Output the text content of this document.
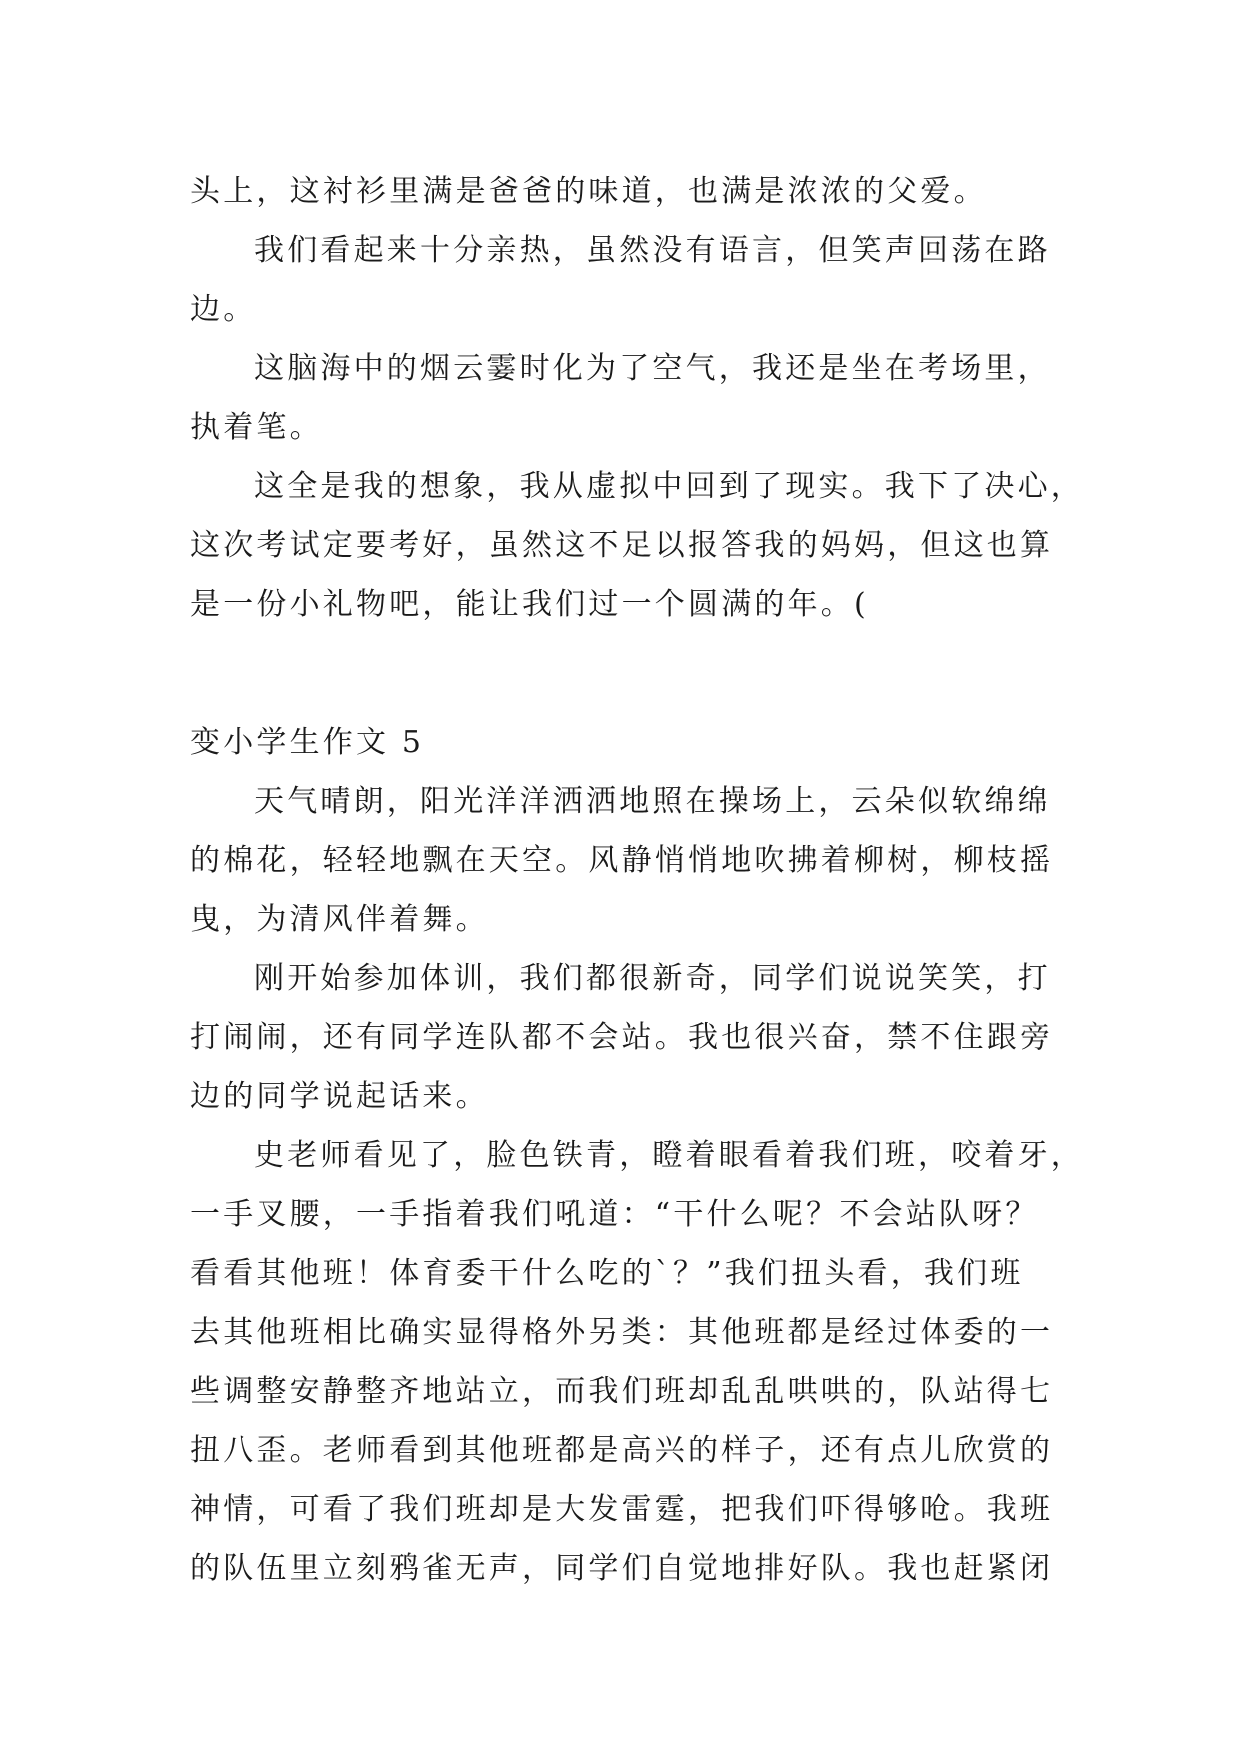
头上，这衬衫里满是爸爸的味道，也满是浓浓的父爱。
我们看起来十分亲热，虽然没有语言，但笑声回荡在路
边。
这脑海中的烟云霎时化为了空气，我还是坐在考场里，
执着笔。
这全是我的想象，我从虚拟中回到了现实。我下了决心，
这次考试定要考好，虽然这不足以报答我的妈妈，但这也算
是一份小礼物吧，能让我们过一个圆满的年。(
变小学生作文 5
天气晴朗，阳光洋洋洒洒地照在操场上，云朵似软绵绵
的棉花，轻轻地飘在天空。风静悄悄地吹拂着柳树，柳枝摇
曳，为清风伴着舞。
刚开始参加体训，我们都很新奇，同学们说说笑笑，打
打闹闹，还有同学连队都不会站。我也很兴奋，禁不住跟旁
边的同学说起话来。
史老师看见了，脸色铁青，瞪着眼看着我们班，咬着牙，
一手叉腰，一手指着我们吼道：“干什么呢？不会站队呀？
看看其他班！体育委干什么吃的`？”我们扭头看，我们班
去其他班相比确实显得格外另类：其他班都是经过体委的一
些调整安静整齐地站立，而我们班却乱乱哄哄的，队站得七
扭八歪。老师看到其他班都是高兴的样子，还有点儿欣赏的
神情，可看了我们班却是大发雷霆，把我们吓得够呛。我班
的队伍里立刻鸦雀无声，同学们自觉地排好队。我也赶紧闭
